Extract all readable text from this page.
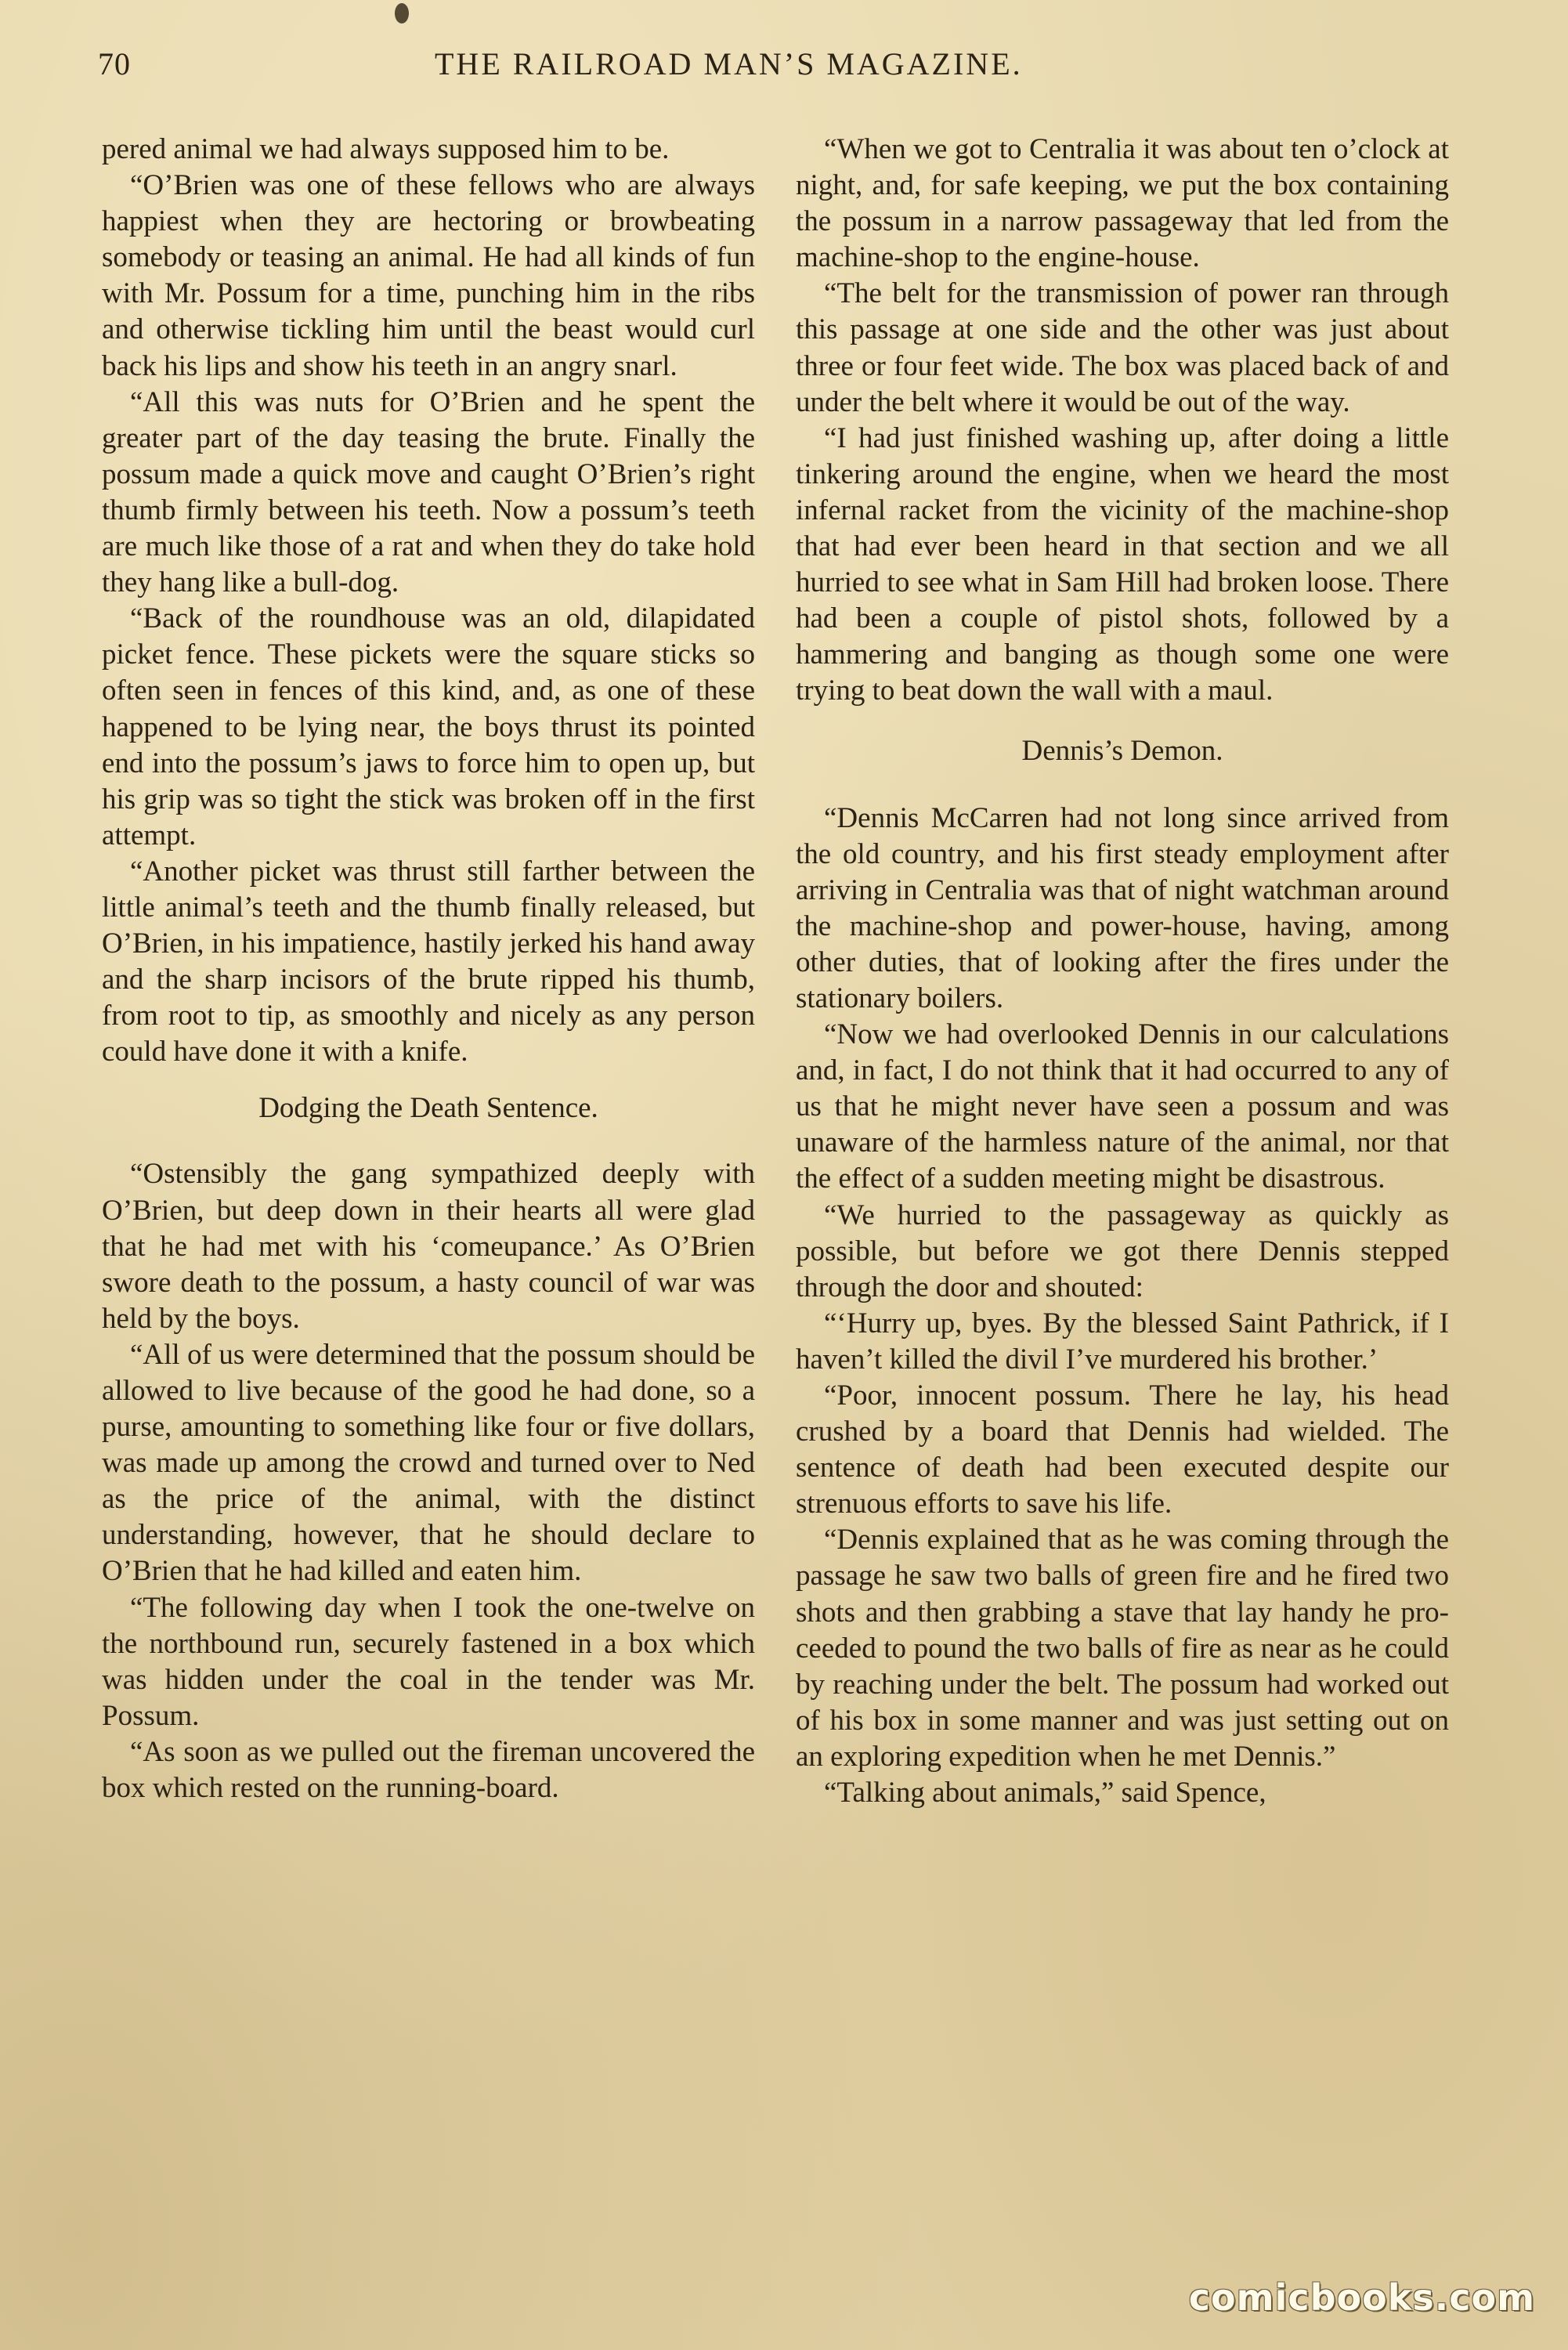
70	THE RAILROAD MAN’S MAGAZINE.

pered animal we had always supposed him to be.

“O’Brien was one of these fellows who are always happiest when they are hectoring or browbeating somebody or teasing an animal. He had all kinds of fun with Mr. Possum for a time, punching him in the ribs and otherwise tickling him until the beast would curl back his lips and show his teeth in an angry snarl.

“All this was nuts for O’Brien and he spent the greater part of the day teasing the brute. Finally the possum made a quick move and caught O’Brien’s right thumb firmly between his teeth. Now a possum’s teeth are much like those of a rat and when they do take hold they hang like a bull-dog.

“Back of the roundhouse was an old, dilapidated picket fence. These pickets were the square sticks so often seen in fences of this kind, and, as one of these happened to be lying near, the boys thrust its pointed end into the possum’s jaws to force him to open up, but his grip was so tight the stick was broken off in the first attempt.

“Another picket was thrust still farther between the little animal’s teeth and the thumb finally released, but O’Brien, in his impatience, hastily jerked his hand away and the sharp incisors of the brute ripped his thumb, from root to tip, as smoothly and nicely as any person could have done it with a knife.

Dodging the Death Sentence.

“Ostensibly the gang sympathized deeply with O’Brien, but deep down in their hearts all were glad that he had met with his ‘comeupance.’ As O’Brien swore death to the possum, a hasty council of war was held by the boys.

“All of us were determined that the possum should be allowed to live because of the good he had done, so a purse, amounting to something like four or five dollars, was made up among the crowd and turned over to Ned as the price of the animal, with the distinct understanding, however, that he should declare to O’Brien that he had killed and eaten him.

“The following day when I took the one-twelve on the northbound run, securely fastened in a box which was hidden under the coal in the tender was Mr. Possum.

“As soon as we pulled out the fireman uncovered the box which rested on the running-board.

“When we got to Centralia it was about ten o’clock at night, and, for safe keeping, we put the box containing the possum in a narrow passageway that led from the machine-shop to the engine-house.

“The belt for the transmission of power ran through this passage at one side and the other was just about three or four feet wide. The box was placed back of and under the belt where it would be out of the way.

“I had just finished washing up, after doing a little tinkering around the engine, when we heard the most infernal racket from the vicinity of the machine-shop that had ever been heard in that section and we all hurried to see what in Sam Hill had broken loose. There had been a couple of pistol shots, followed by a hammering and banging as though some one were trying to beat down the wall with a maul.

Dennis’s Demon.

“Dennis McCarren had not long since arrived from the old country, and his first steady employment after arriving in Centralia was that of night watchman around the machine-shop and power-house, having, among other duties, that of looking after the fires under the stationary boilers.

“Now we had overlooked Dennis in our calculations and, in fact, I do not think that it had occurred to any of us that he might never have seen a possum and was unaware of the harmless nature of the animal, nor that the effect of a sudden meeting might be disastrous.

“We hurried to the passageway as quickly as possible, but before we got there Dennis stepped through the door and shouted:

“‘Hurry up, byes. By the blessed Saint Pathrick, if I haven’t killed the divil I’ve murdered his brother.’

“Poor, innocent possum. There he lay, his head crushed by a board that Dennis had wielded. The sentence of death had been executed despite our strenuous efforts to save his life.

“Dennis explained that as he was coming through the passage he saw two balls of green fire and he fired two shots and then grabbing a stave that lay handy he proceeded to pound the two balls of fire as near as he could by reaching under the belt. The possum had worked out of his box in some manner and was just setting out on an exploring expedition when he met Dennis.”

“Talking about animals,” said Spence,

comicbooks.com
